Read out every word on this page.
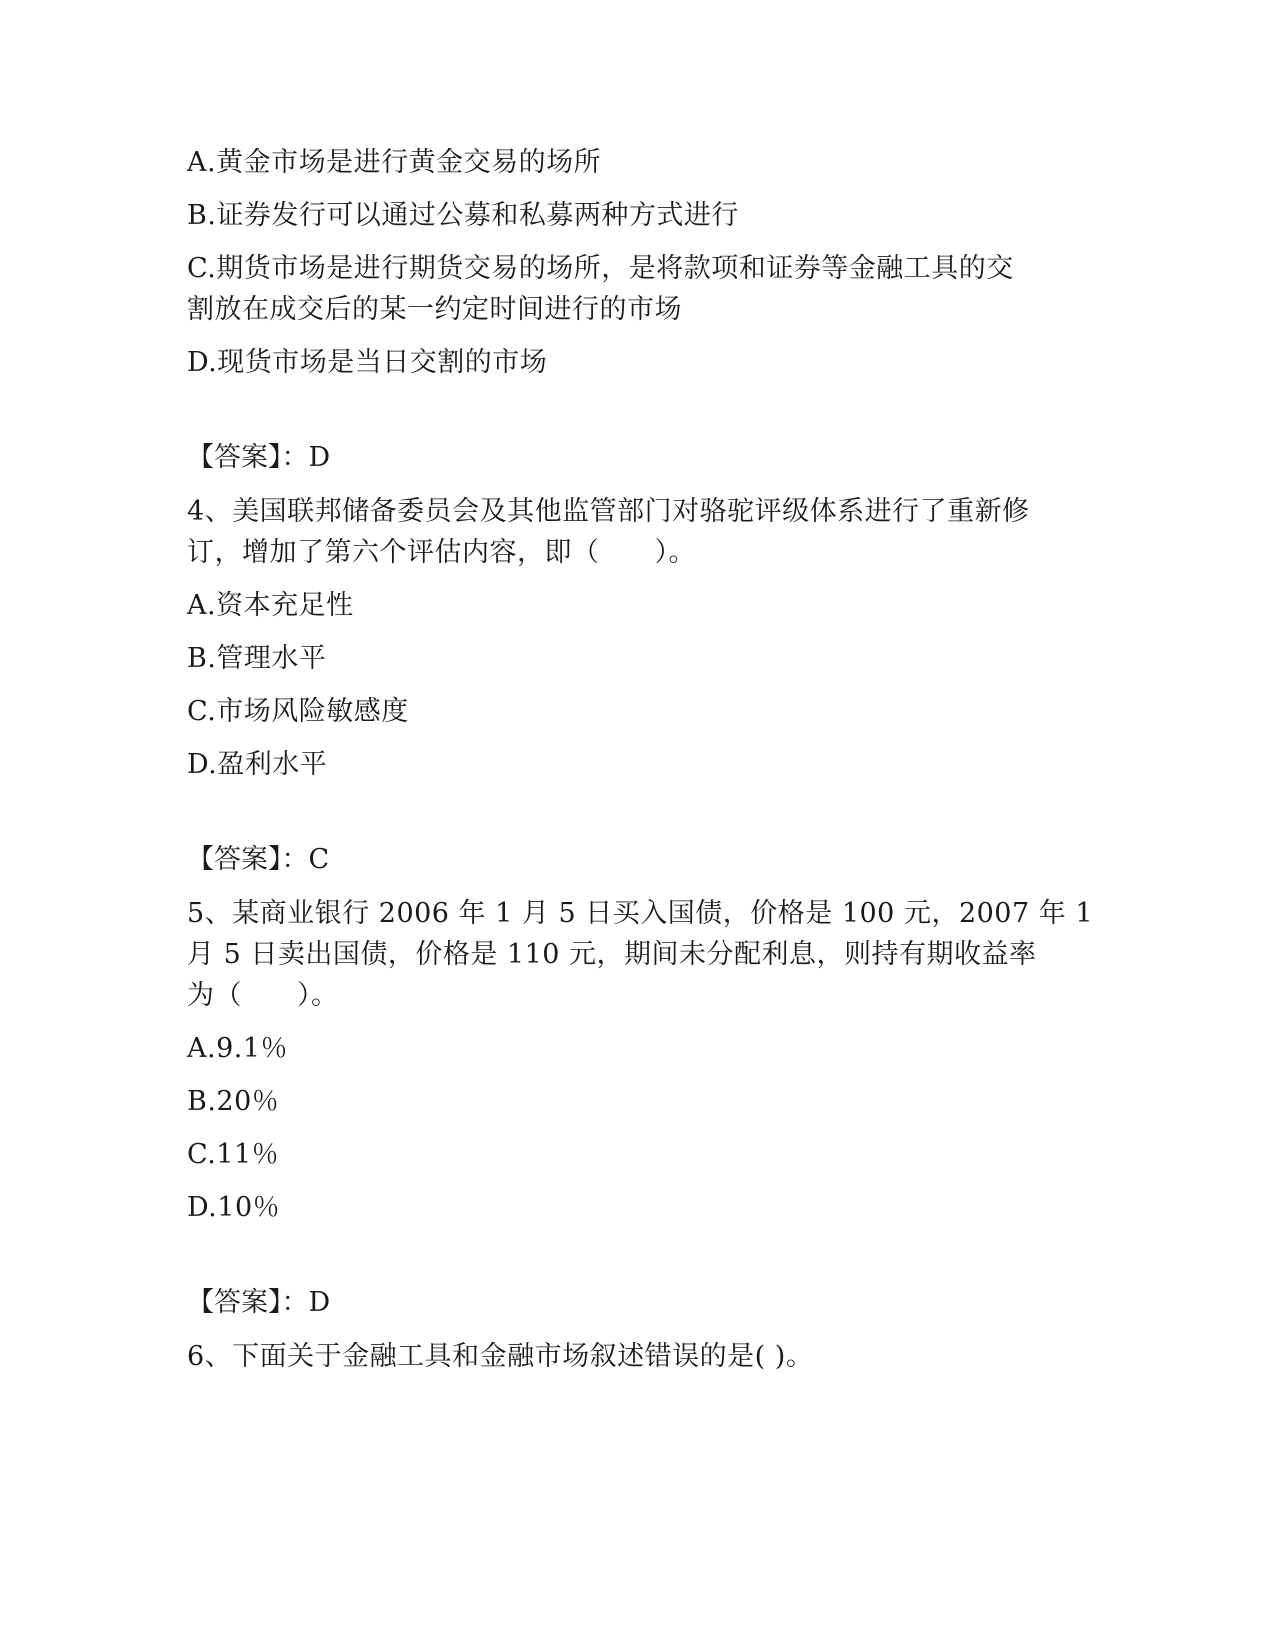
A.黄金市场是进行黄金交易的场所
B.证券发行可以通过公募和私募两种方式进行
C.期货市场是进行期货交易的场所，是将款项和证券等金融工具的交
割放在成交后的某一约定时间进行的市场
D.现货市场是当日交割的市场
【答案】：D
4、美国联邦储备委员会及其他监管部门对骆驼评级体系进行了重新修
订，增加了第六个评估内容，即（　　）。
A.资本充足性
B.管理水平
C.市场风险敏感度
D.盈利水平
【答案】：C
5、某商业银行 2006 年 1 月 5 日买入国债，价格是 100 元，2007 年 1
月 5 日卖出国债，价格是 110 元，期间未分配利息，则持有期收益率
为（　　）。
A.9.1％
B.20％
C.11％
D.10％
【答案】：D
6、下面关于金融工具和金融市场叙述错误的是( )。
